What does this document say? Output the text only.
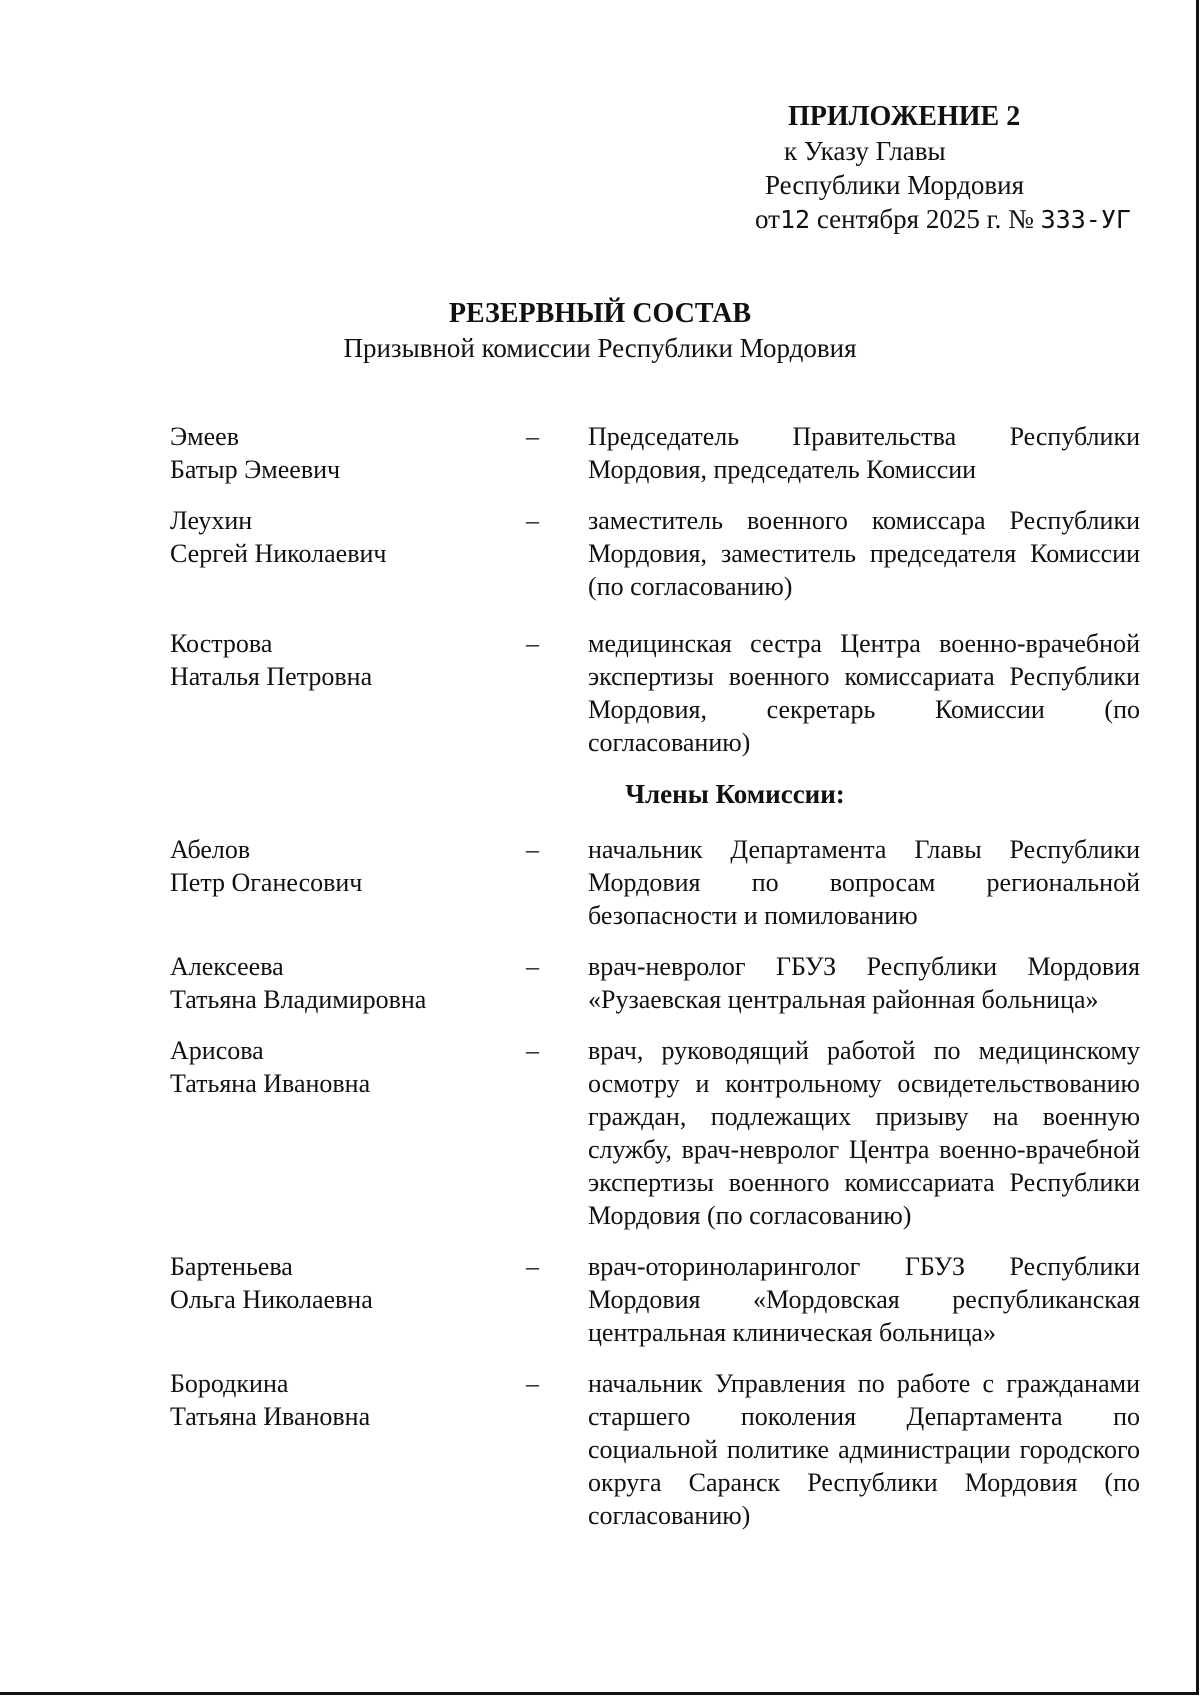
ПРИЛОЖЕНИЕ 2
к Указу Главы
Республики Мордовия
от12 сентября 2025 г. № 333-УГ
РЕЗЕРВНЫЙ СОСТАВ
Призывной комиссии Республики Мордовия
Эмеев
Батыр Эмеевич
– Председатель Правительства Республики Мордовия, председатель Комиссии
Леухин
Сергей Николаевич
– заместитель военного комиссара Республики Мордовия, заместитель председателя Комиссии (по согласованию)
Кострова
Наталья Петровна
– медицинская сестра Центра военно-врачебной экспертизы военного комиссариата Республики Мордовия, секретарь Комиссии (по согласованию)
Члены Комиссии:
Абелов
Петр Оганесович
– начальник Департамента Главы Республики Мордовия по вопросам региональной безопасности и помилованию
Алексеева
Татьяна Владимировна
– врач-невролог ГБУЗ Республики Мордовия «Рузаевская центральная районная больница»
Арисова
Татьяна Ивановна
– врач, руководящий работой по медицинскому осмотру и контрольному освидетельствованию граждан, подлежащих призыву на военную службу, врач-невролог Центра военно-врачебной экспертизы военного комиссариата Республики Мордовия (по согласованию)
Бартеньева
Ольга Николаевна
– врач-оториноларинголог ГБУЗ Республики Мордовия «Мордовская республиканская центральная клиническая больница»
Бородкина
Татьяна Ивановна
– начальник Управления по работе с гражданами старшего поколения Департамента по социальной политике администрации городского округа Саранск Республики Мордовия (по согласованию)
